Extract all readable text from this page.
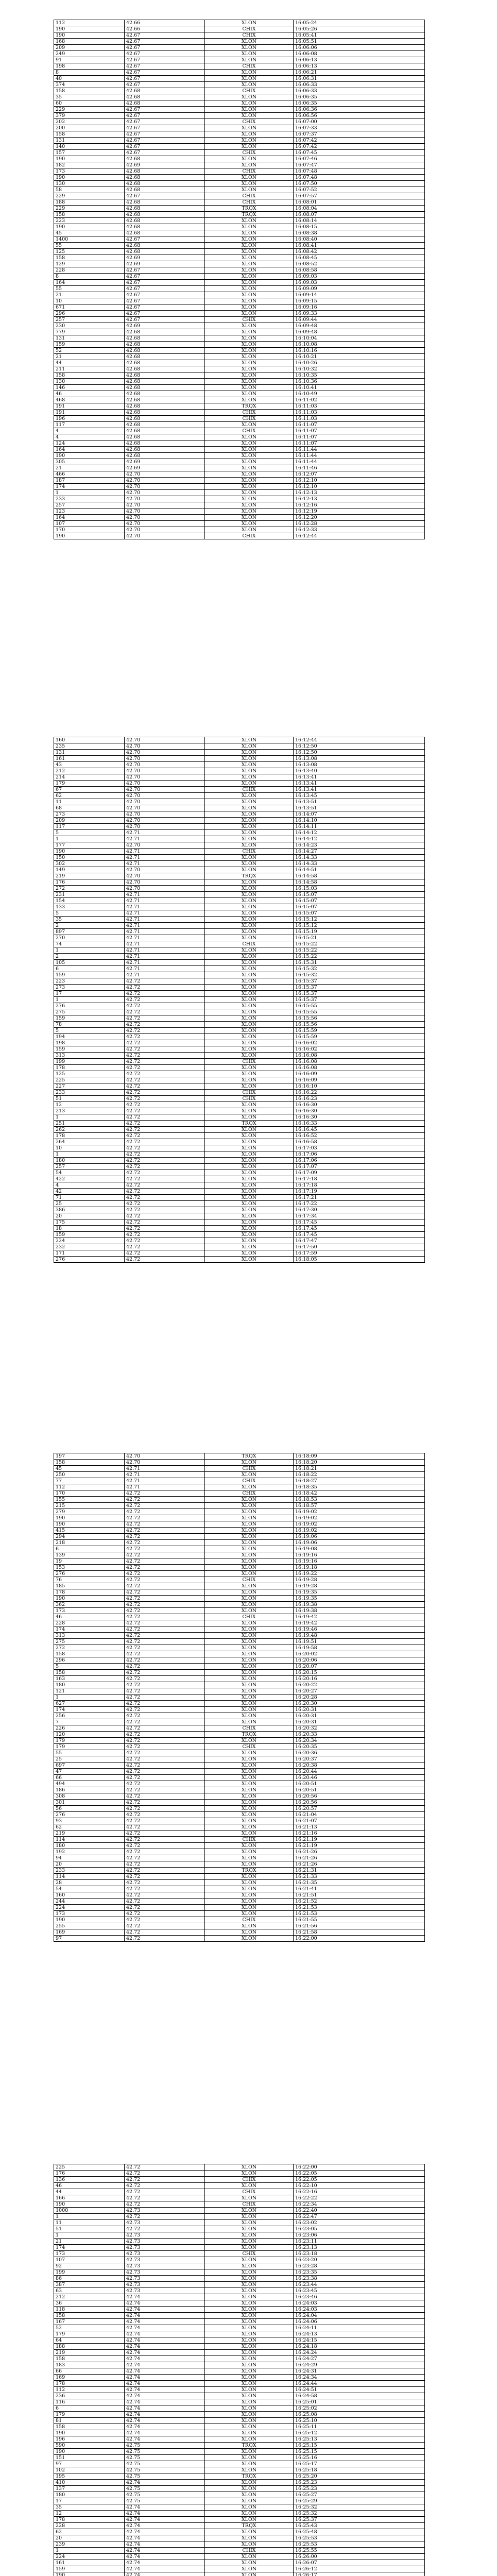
112	42.66	XLON	16:05:24
190	42.66	CHIX	16:05:26
190	42.67	CHIX	16:05:41
168	42.67	XLON	16:05:51
209	42.67	XLON	16:06:06
249	42.67	XLON	16:06:08
91	42.67	XLON	16:06:13
198	42.67	CHIX	16:06:13
8	42.67	XLON	16:06:21
40	42.67	XLON	16:06:31
374	42.67	XLON	16:06:33
158	42.68	CHIX	16:06:33
35	42.68	XLON	16:06:35
60	42.68	XLON	16:06:35
229	42.67	XLON	16:06:36
379	42.67	XLON	16:06:56
202	42.67	CHIX	16:07:00
200	42.67	XLON	16:07:33
158	42.67	XLON	16:07:37
131	42.67	XLON	16:07:42
140	42.67	XLON	16:07:42
157	42.67	CHIX	16:07:45
190	42.68	XLON	16:07:46
182	42.69	XLON	16:07:47
173	42.68	CHIX	16:07:48
190	42.68	XLON	16:07:48
130	42.68	XLON	16:07:50
58	42.68	XLON	16:07:52
229	42.67	CHIX	16:07:57
188	42.68	CHIX	16:08:01
229	42.68	TRQX	16:08:04
158	42.68	TRQX	16:08:07
223	42.68	XLON	16:08:14
190	42.68	XLON	16:08:15
45	42.68	XLON	16:08:38
1400	42.67	XLON	16:08:40
55	42.68	XLON	16:08:41
125	42.68	XLON	16:08:42
158	42.69	XLON	16:08:45
129	42.69	XLON	16:08:52
228	42.67	XLON	16:08:58
8	42.67	XLON	16:09:03
164	42.67	XLON	16:09:03
55	42.67	XLON	16:09:09
21	42.67	XLON	16:09:14
10	42.67	XLON	16:09:15
671	42.67	XLON	16:09:16
296	42.67	XLON	16:09:33
257	42.67	CHIX	16:09:44
230	42.69	XLON	16:09:48
779	42.68	XLON	16:09:48
131	42.68	XLON	16:10:04
159	42.68	XLON	16:10:08
52	42.68	XLON	16:10:16
21	42.68	XLON	16:10:21
44	42.68	XLON	16:10:26
211	42.68	XLON	16:10:32
158	42.68	XLON	16:10:35
130	42.68	XLON	16:10:36
146	42.68	XLON	16:10:41
46	42.68	XLON	16:10:49
468	42.68	XLON	16:11:02
191	42.68	TRQX	16:11:03
191	42.68	CHIX	16:11:03
196	42.68	CHIX	16:11:03
117	42.68	XLON	16:11:07
4	42.68	CHIX	16:11:07
4	42.68	XLON	16:11:07
124	42.68	XLON	16:11:07
164	42.68	XLON	16:11:44
190	42.68	XLON	16:11:44
305	42.69	XLON	16:11:44
21	42.69	XLON	16:11:46
466	42.70	XLON	16:12:07
187	42.70	XLON	16:12:10
174	42.70	XLON	16:12:10
1	42.70	XLON	16:12:13
233	42.70	XLON	16:12:13
257	42.70	XLON	16:12:16
123	42.70	XLON	16:12:19
164	42.70	XLON	16:12:20
107	42.70	XLON	16:12:28
170	42.70	XLON	16:12:33
190	42.70	CHIX	16:12:44
160	42.70	XLON	16:12:44
235	42.70	XLON	16:12:50
131	42.70	XLON	16:12:50
161	42.70	XLON	16:13:08
43	42.70	XLON	16:13:08
212	42.70	XLON	16:13:40
214	42.70	XLON	16:13:41
179	42.70	XLON	16:13:41
67	42.70	CHIX	16:13:41
62	42.70	XLON	16:13:45
11	42.70	XLON	16:13:51
68	42.70	XLON	16:13:51
273	42.70	XLON	16:14:07
209	42.70	XLON	16:14:10
117	42.70	XLON	16:14:11
5	42.71	XLON	16:14:12
1	42.71	XLON	16:14:12
177	42.70	XLON	16:14:23
190	42.71	CHIX	16:14:27
150	42.71	XLON	16:14:33
302	42.71	XLON	16:14:33
149	42.70	XLON	16:14:51
219	42.70	TRQX	16:14:58
176	42.70	XLON	16:14:58
272	42.70	XLON	16:15:03
231	42.71	XLON	16:15:07
154	42.71	XLON	16:15:07
133	42.71	XLON	16:15:07
5	42.71	XLON	16:15:07
35	42.71	XLON	16:15:12
2	42.71	XLON	16:15:12
897	42.71	XLON	16:15:19
270	42.71	XLON	16:15:21
74	42.71	CHIX	16:15:22
1	42.71	XLON	16:15:22
2	42.71	XLON	16:15:22
105	42.71	XLON	16:15:31
6	42.71	XLON	16:15:32
159	42.71	XLON	16:15:32
223	42.72	XLON	16:15:37
273	42.72	XLON	16:15:37
17	42.72	XLON	16:15:37
1	42.72	XLON	16:15:37
276	42.72	XLON	16:15:55
275	42.72	XLON	16:15:55
159	42.72	XLON	16:15:56
78	42.72	XLON	16:15:56
5	42.72	XLON	16:15:59
194	42.72	XLON	16:15:59
198	42.72	XLON	16:16:02
159	42.72	XLON	16:16:02
313	42.72	XLON	16:16:08
199	42.72	CHIX	16:16:08
178	42.72	XLON	16:16:08
125	42.72	XLON	16:16:09
225	42.72	XLON	16:16:09
227	42.72	XLON	16:16:10
233	42.72	CHIX	16:16:22
51	42.72	CHIX	16:16:23
12	42.72	XLON	16:16:30
213	42.72	XLON	16:16:30
1	42.72	XLON	16:16:30
251	42.72	TRQX	16:16:33
262	42.72	XLON	16:16:45
178	42.72	XLON	16:16:52
264	42.72	XLON	16:16:58
10	42.72	XLON	16:17:03
1	42.72	XLON	16:17:06
180	42.72	XLON	16:17:06
257	42.72	XLON	16:17:07
54	42.72	XLON	16:17:09
422	42.72	XLON	16:17:18
4	42.72	XLON	16:17:18
42	42.72	XLON	16:17:19
71	42.72	XLON	16:17:21
25	42.72	XLON	16:17:22
386	42.72	XLON	16:17:30
20	42.72	XLON	16:17:34
175	42.72	XLON	16:17:45
18	42.72	XLON	16:17:45
159	42.72	XLON	16:17:45
224	42.72	XLON	16:17:47
232	42.72	XLON	16:17:50
171	42.72	XLON	16:17:59
276	42.72	XLON	16:18:05
197	42.70	TRQX	16:18:09
158	42.70	XLON	16:18:20
45	42.71	CHIX	16:18:21
250	42.71	XLON	16:18:22
77	42.71	CHIX	16:18:27
112	42.71	XLON	16:18:35
170	42.72	CHIX	16:18:42
155	42.72	XLON	16:18:53
215	42.72	XLON	16:18:57
279	42.72	XLON	16:19:02
190	42.72	XLON	16:19:02
190	42.72	XLON	16:19:02
415	42.72	XLON	16:19:02
294	42.72	XLON	16:19:06
218	42.72	XLON	16:19:06
6	42.72	XLON	16:19:08
139	42.72	XLON	16:19:16
19	42.72	XLON	16:19:16
153	42.72	XLON	16:19:18
276	42.72	XLON	16:19:22
76	42.72	CHIX	16:19:28
185	42.72	XLON	16:19:28
178	42.72	XLON	16:19:35
190	42.72	XLON	16:19:35
362	42.72	XLON	16:19:38
173	42.72	XLON	16:19:38
46	42.72	CHIX	16:19:42
228	42.72	XLON	16:19:42
174	42.72	XLON	16:19:46
313	42.72	XLON	16:19:48
275	42.72	XLON	16:19:51
272	42.72	XLON	16:19:58
158	42.72	XLON	16:20:02
296	42.72	XLON	16:20:06
5	42.72	XLON	16:20:07
158	42.72	XLON	16:20:15
163	42.72	XLON	16:20:16
180	42.72	XLON	16:20:22
121	42.72	XLON	16:20:27
1	42.72	XLON	16:20:28
627	42.72	XLON	16:20:30
174	42.72	XLON	16:20:31
256	42.72	XLON	16:20:31
7	42.72	XLON	16:20:31
226	42.72	CHIX	16:20:32
120	42.72	TRQX	16:20:33
179	42.72	XLON	16:20:34
179	42.72	CHIX	16:20:35
55	42.72	XLON	16:20:36
25	42.72	XLON	16:20:37
697	42.72	XLON	16:20:38
47	42.72	XLON	16:20:44
66	42.72	XLON	16:20:46
494	42.72	XLON	16:20:51
186	42.72	XLON	16:20:51
308	42.72	XLON	16:20:56
301	42.72	XLON	16:20:56
56	42.72	XLON	16:20:57
276	42.72	XLON	16:21:04
93	42.72	XLON	16:21:07
62	42.72	XLON	16:21:13
219	42.72	XLON	16:21:16
114	42.72	CHIX	16:21:19
180	42.72	XLON	16:21:19
192	42.72	XLON	16:21:26
94	42.72	XLON	16:21:26
20	42.72	XLON	16:21:26
233	42.72	TRQX	16:21:31
114	42.72	XLON	16:21:33
28	42.72	XLON	16:21:35
54	42.72	XLON	16:21:41
160	42.72	XLON	16:21:51
244	42.72	XLON	16:21:52
224	42.72	XLON	16:21:53
173	42.72	XLON	16:21:53
190	42.72	CHIX	16:21:55
255	42.72	XLON	16:21:56
169	42.72	XLON	16:21:58
97	42.72	XLON	16:22:00
225	42.72	XLON	16:22:00
176	42.72	XLON	16:22:05
136	42.72	CHIX	16:22:05
46	42.72	XLON	16:22:10
44	42.72	CHIX	16:22:16
166	42.72	XLON	16:22:22
190	42.72	CHIX	16:22:34
1000	42.73	XLON	16:22:40
1	42.72	XLON	16:22:47
11	42.73	XLON	16:23:02
51	42.72	XLON	16:23:05
1	42.73	XLON	16:23:06
21	42.73	XLON	16:23:11
174	42.73	XLON	16:23:13
173	42.73	CHIX	16:23:18
107	42.73	XLON	16:23:20
92	42.73	XLON	16:23:28
199	42.73	XLON	16:23:35
86	42.73	XLON	16:23:38
387	42.73	XLON	16:23:44
63	42.73	XLON	16:23:45
212	42.74	XLON	16:23:46
36	42.74	XLON	16:24:03
118	42.74	XLON	16:24:03
158	42.74	XLON	16:24:04
167	42.74	XLON	16:24:06
52	42.74	XLON	16:24:11
179	42.74	XLON	16:24:13
64	42.74	XLON	16:24:15
188	42.74	XLON	16:24:18
219	42.74	XLON	16:24:24
158	42.74	XLON	16:24:27
183	42.74	XLON	16:24:29
66	42.74	XLON	16:24:31
169	42.74	XLON	16:24:34
178	42.74	XLON	16:24:44
112	42.74	XLON	16:24:51
236	42.74	XLON	16:24:58
116	42.74	XLON	16:25:01
6	42.74	XLON	16:25:02
179	42.74	XLON	16:25:08
81	42.74	XLON	16:25:10
158	42.74	XLON	16:25:11
190	42.74	XLON	16:25:12
196	42.74	XLON	16:25:13
590	42.75	TRQX	16:25:15
190	42.75	XLON	16:25:15
151	42.75	XLON	16:25:16
97	42.75	XLON	16:25:17
102	42.75	XLON	16:25:18
195	42.75	TRQX	16:25:20
410	42.74	XLON	16:25:23
137	42.75	XLON	16:25:23
180	42.75	XLON	16:25:27
17	42.75	XLON	16:25:29
35	42.74	XLON	16:25:32
12	42.74	XLON	16:25:32
178	42.74	XLON	16:25:37
228	42.74	TRQX	16:25:43
62	42.74	XLON	16:25:48
20	42.74	XLON	16:25:53
239	42.74	XLON	16:25:53
1	42.74	CHIX	16:25:55
224	42.74	XLON	16:26:00
161	42.74	XLON	16:26:07
159	42.74	XLON	16:26:12
190	42.74	XLON	16:26:17
